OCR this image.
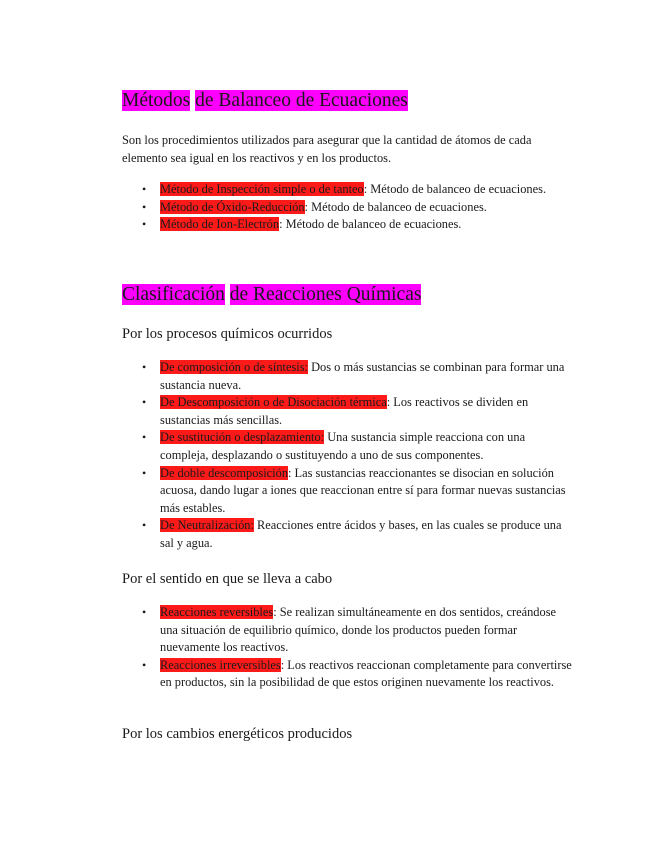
Métodos de Balanceo de Ecuaciones

Son los procedimientos utilizados para asegurar que la cantidad de átomos de cada elemento sea igual en los reactivos y en los productos.

• Método de Inspección simple o de tanteo: Método de balanceo de ecuaciones.
• Método de Óxido-Reducción: Método de balanceo de ecuaciones.
• Método de Ion-Electrón: Método de balanceo de ecuaciones.
Clasificación de Reacciones Químicas
Por los procesos químicos ocurridos
• De composición o de síntesis: Dos o más sustancias se combinan para formar una sustancia nueva.
• De Descomposición o de Disociación térmica: Los reactivos se dividen en sustancias más sencillas.
• De sustitución o desplazamiento: Una sustancia simple reacciona con una compleja, desplazando o sustituyendo a uno de sus componentes.
• De doble descomposición: Las sustancias reaccionantes se disocian en solución acuosa, dando lugar a iones que reaccionan entre sí para formar nuevas sustancias más estables.
• De Neutralización: Reacciones entre ácidos y bases, en las cuales se produce una sal y agua.
Por el sentido en que se lleva a cabo
• Reacciones reversibles: Se realizan simultáneamente en dos sentidos, creándose una situación de equilibrio químico, donde los productos pueden formar nuevamente los reactivos.
• Reacciones irreversibles: Los reactivos reaccionan completamente para convertirse en productos, sin la posibilidad de que estos originen nuevamente los reactivos.
Por los cambios energéticos producidos
